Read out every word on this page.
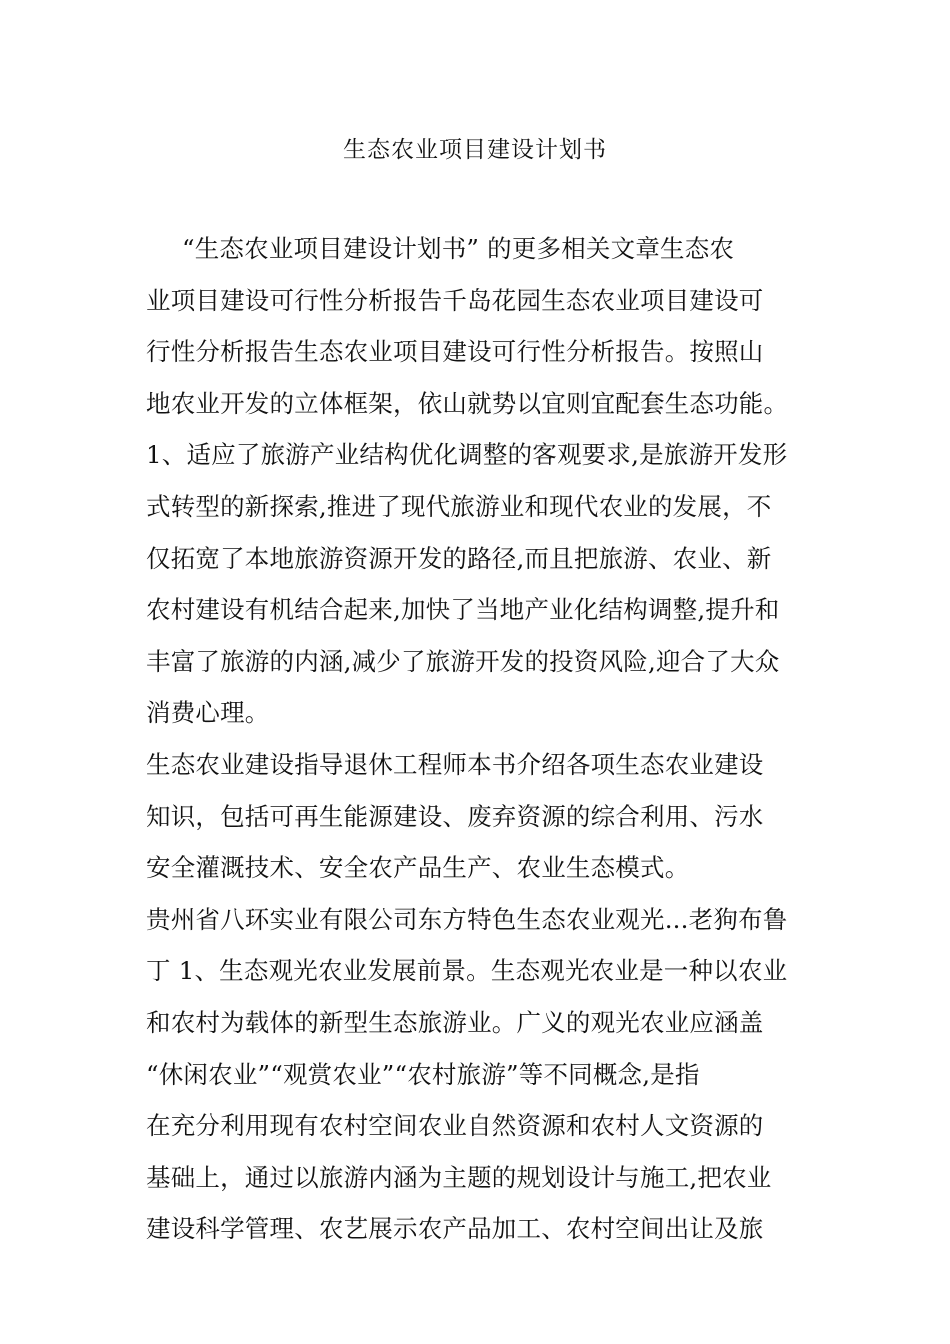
生态农业项目建设计划书
“生态农业项目建设计划书” 的更多相关文章生态农
业项目建设可行性分析报告千岛花园生态农业项目建设可
行性分析报告生态农业项目建设可行性分析报告。按照山
地农业开发的立体框架，依山就势以宜则宜配套生态功能。
1、适应了旅游产业结构优化调整的客观要求,是旅游开发形
式转型的新探索,推进了现代旅游业和现代农业的发展，不
仅拓宽了本地旅游资源开发的路径,而且把旅游、农业、新
农村建设有机结合起来,加快了当地产业化结构调整,提升和
丰富了旅游的内涵,减少了旅游开发的投资风险,迎合了大众
消费心理。
生态农业建设指导退休工程师本书介绍各项生态农业建设
知识，包括可再生能源建设、废弃资源的综合利用、污水
安全灌溉技术、安全农产品生产、农业生态模式。
贵州省八环实业有限公司东方特色生态农业观光...老狗布鲁
丁 1、生态观光农业发展前景。生态观光农业是一种以农业
和农村为载体的新型生态旅游业。广义的观光农业应涵盖
“休闲农业”“观赏农业”“农村旅游”等不同概念,是指
在充分利用现有农村空间农业自然资源和农村人文资源的
基础上，通过以旅游内涵为主题的规划设计与施工,把农业
建设科学管理、农艺展示农产品加工、农村空间出让及旅
